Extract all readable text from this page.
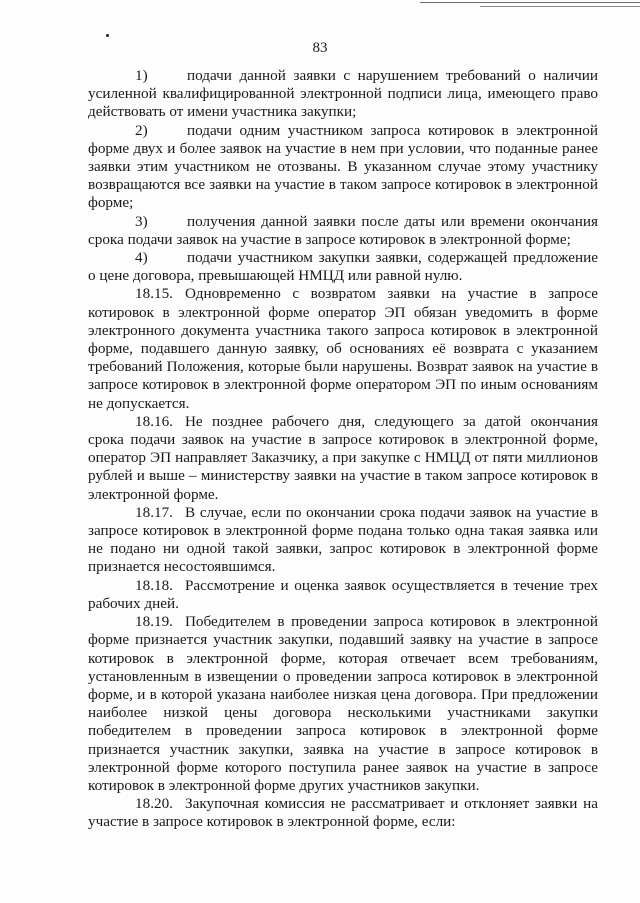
83

1)	подачи данной заявки с нарушением требований о наличии усиленной квалифицированной электронной подписи лица, имеющего право действовать от имени участника закупки;

2)	подачи одним участником запроса котировок в электронной форме двух и более заявок на участие в нем при условии, что поданные ранее заявки этим участником не отозваны. В указанном случае этому участнику возвращаются все заявки на участие в таком запросе котировок в электронной форме;

3)	получения данной заявки после даты или времени окончания срока подачи заявок на участие в запросе котировок в электронной форме;

4)	подачи участником закупки заявки, содержащей предложение о цене договора, превышающей НМЦД или равной нулю.

18.15. Одновременно с возвратом заявки на участие в запросе котировок в электронной форме оператор ЭП обязан уведомить в форме электронного документа участника такого запроса котировок в электронной форме, подавшего данную заявку, об основаниях её возврата с указанием требований Положения, которые были нарушены. Возврат заявок на участие в запросе котировок в электронной форме оператором ЭП по иным основаниям не допускается.

18.16. Не позднее рабочего дня, следующего за датой окончания срока подачи заявок на участие в запросе котировок в электронной форме, оператор ЭП направляет Заказчику, а при закупке с НМЦД от пяти миллионов рублей и выше – министерству заявки на участие в таком запросе котировок в электронной форме.

18.17. В случае, если по окончании срока подачи заявок на участие в запросе котировок в электронной форме подана только одна такая заявка или не подано ни одной такой заявки, запрос котировок в электронной форме признается несостоявшимся.

18.18. Рассмотрение и оценка заявок осуществляется в течение трех рабочих дней.

18.19. Победителем в проведении запроса котировок в электронной форме признается участник закупки, подавший заявку на участие в запросе котировок в электронной форме, которая отвечает всем требованиям, установленным в извещении о проведении запроса котировок в электронной форме, и в которой указана наиболее низкая цена договора. При предложении наиболее низкой цены договора несколькими участниками закупки победителем в проведении запроса котировок в электронной форме признается участник закупки, заявка на участие в запросе котировок в электронной форме которого поступила ранее заявок на участие в запросе котировок в электронной форме других участников закупки.

18.20. Закупочная комиссия не рассматривает и отклоняет заявки на участие в запросе котировок в электронной форме, если:
